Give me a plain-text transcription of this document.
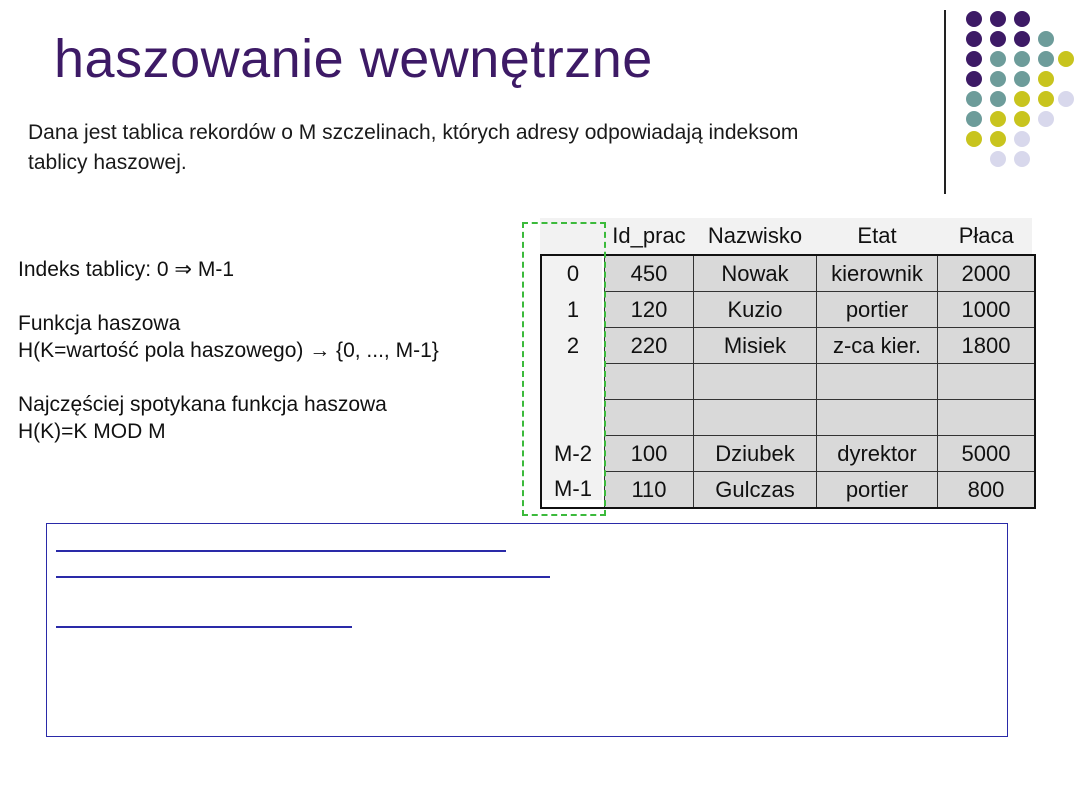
haszowanie wewnętrzne

Dana jest tablica rekordów o M szczelinach, których adresy odpowiadają indeksom tablicy haszowej.

Indeks tablicy: 0 ⇒ M-1
Funkcja haszowa
H(K=wartość pola haszowego) → {0, ..., M-1}
Najczęściej spotykana funkcja haszowa
H(K)=K MOD M
	Id_prac	Nazwisko	Etat	Płaca
0	450	Nowak	kierownik	2000
1	120	Kuzio	portier	1000
2	220	Misiek	z-ca kier.	1800

M-2	100	Dziubek	dyrektor	5000
M-1	110	Gulczas	portier	800
